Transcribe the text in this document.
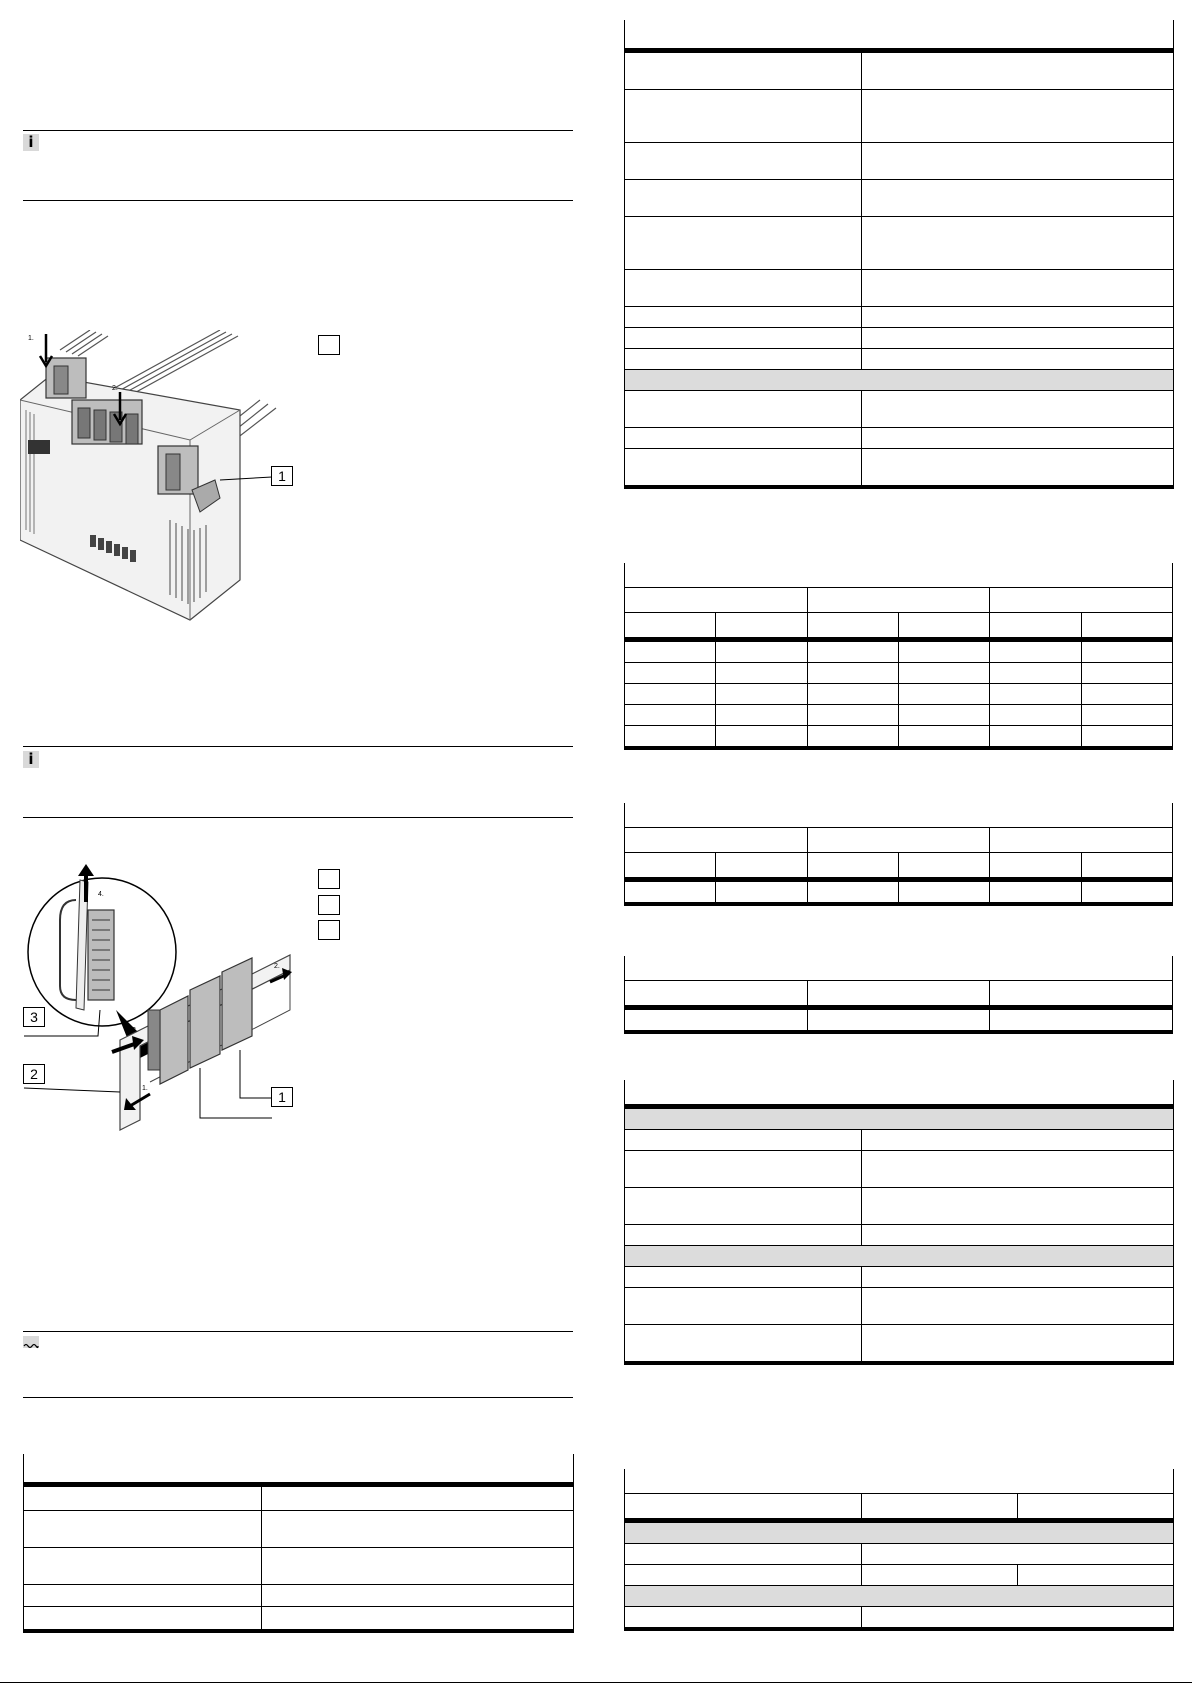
i
1
1.
2.
i
3
2
1
4.
3.
1.
2.
